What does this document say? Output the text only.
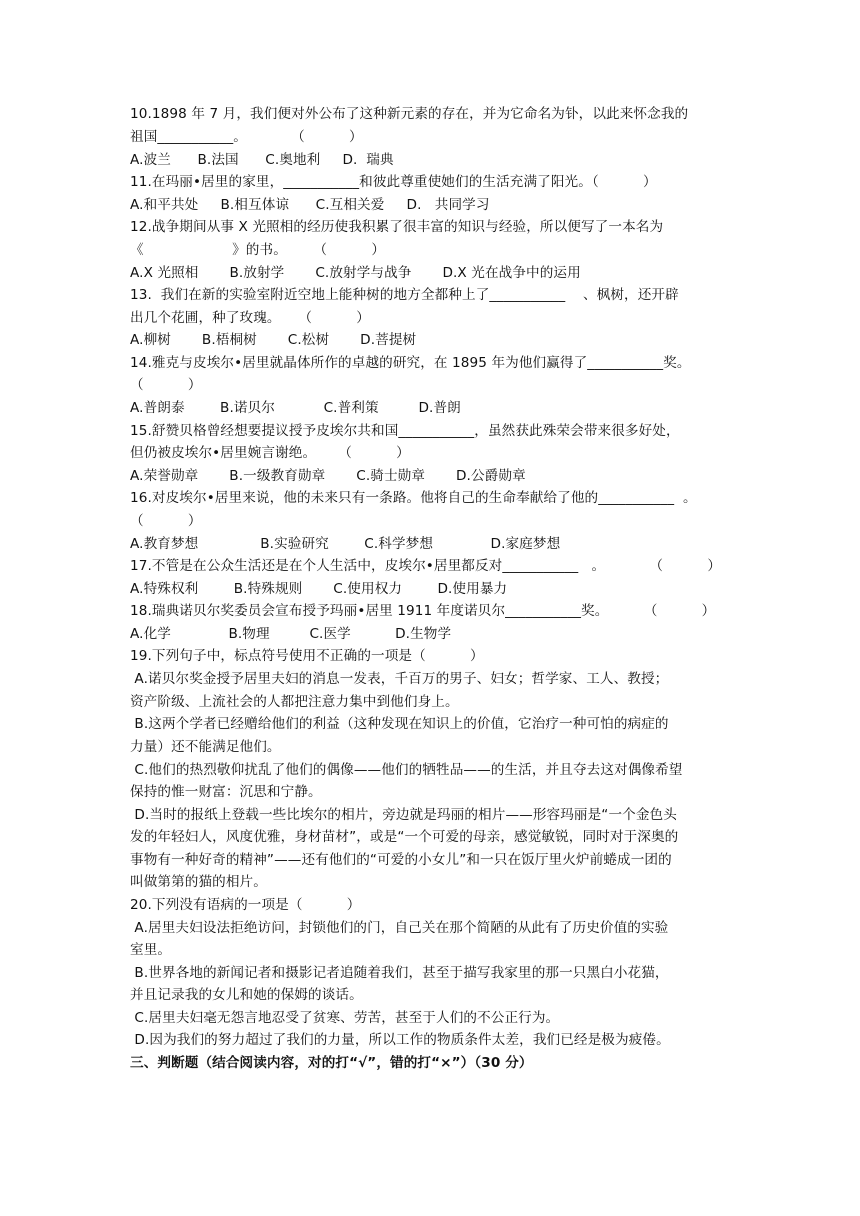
10.1898 年 7 月，我们便对外公布了这种新元素的存在，并为它命名为钋，以此来怀念我的
祖国___________。          （          ）
A.波兰      B.法国      C.奥地利     D.  瑞典
11.在玛丽•居里的家里，___________和彼此尊重使她们的生活充满了阳光。（          ）
A.和平共处     B.相互体谅      C.互相关爱     D.   共同学习
12.战争期间从事 X 光照相的经历使我积累了很丰富的知识与经验，所以便写了一本名为
《                    》的书。      （          ）
A.X 光照相       B.放射学       C.放射学与战争       D.X 光在战争中的运用
13.  我们在新的实验室附近空地上能种树的地方全都种上了___________    、枫树，还开辟
出几个花圃，种了玫瑰。    （          ）
A.柳树       B.梧桐树       C.松树       D.菩提树
14.雅克与皮埃尔•居里就晶体所作的卓越的研究，在 1895 年为他们赢得了___________奖。
（          ）
A.普朗泰        B.诺贝尔           C.普利策         D.普朗
15.舒赞贝格曾经想要提议授予皮埃尔共和国___________，虽然获此殊荣会带来很多好处，
但仍被皮埃尔•居里婉言谢绝。     （          ）
A.荣誉勋章       B.一级教育勋章       C.骑士勋章       D.公爵勋章
16.对皮埃尔•居里来说，他的未来只有一条路。他将自己的生命奉献给了他的___________  。
（          ）
A.教育梦想              B.实验研究        C.科学梦想             D.家庭梦想
17.不管是在公众生活还是在个人生活中，皮埃尔•居里都反对___________   。          （          ）
A.特殊权利        B.特殊规则       C.使用权力        D.使用暴力
18.瑞典诺贝尔奖委员会宣布授予玛丽•居里 1911 年度诺贝尔___________奖。        （          ）
A.化学             B.物理         C.医学          D.生物学
19.下列句子中，标点符号使用不正确的一项是（          ）
A.诺贝尔奖金授予居里夫妇的消息一发表，千百万的男子、妇女；哲学家、工人、教授；
资产阶级、上流社会的人都把注意力集中到他们身上。
B.这两个学者已经赠给他们的利益（这种发现在知识上的价值，它治疗一种可怕的病症的
力量）还不能满足他们。
C.他们的热烈敬仰扰乱了他们的偶像——他们的牺牲品——的生活，并且夺去这对偶像希望
保持的惟一财富：沉思和宁静。
D.当时的报纸上登载一些比埃尔的相片，旁边就是玛丽的相片——形容玛丽是“一个金色头
发的年轻妇人，风度优雅，身材苗材”，或是“一个可爱的母亲，感觉敏锐，同时对于深奥的
事物有一种好奇的精神”——还有他们的“可爱的小女儿”和一只在饭厅里火炉前蜷成一团的
叫做第第的猫的相片。
20.下列没有语病的一项是（          ）
A.居里夫妇设法拒绝访问，封锁他们的门，自己关在那个简陋的从此有了历史价值的实验
室里。
B.世界各地的新闻记者和摄影记者追随着我们，甚至于描写我家里的那一只黑白小花猫，
并且记录我的女儿和她的保姆的谈话。
C.居里夫妇毫无怨言地忍受了贫寒、劳苦，甚至于人们的不公正行为。
D.因为我们的努力超过了我们的力量，所以工作的物质条件太差，我们已经是极为疲倦。
三、判断题（结合阅读内容，对的打“√”，错的打“×”）（30 分）
